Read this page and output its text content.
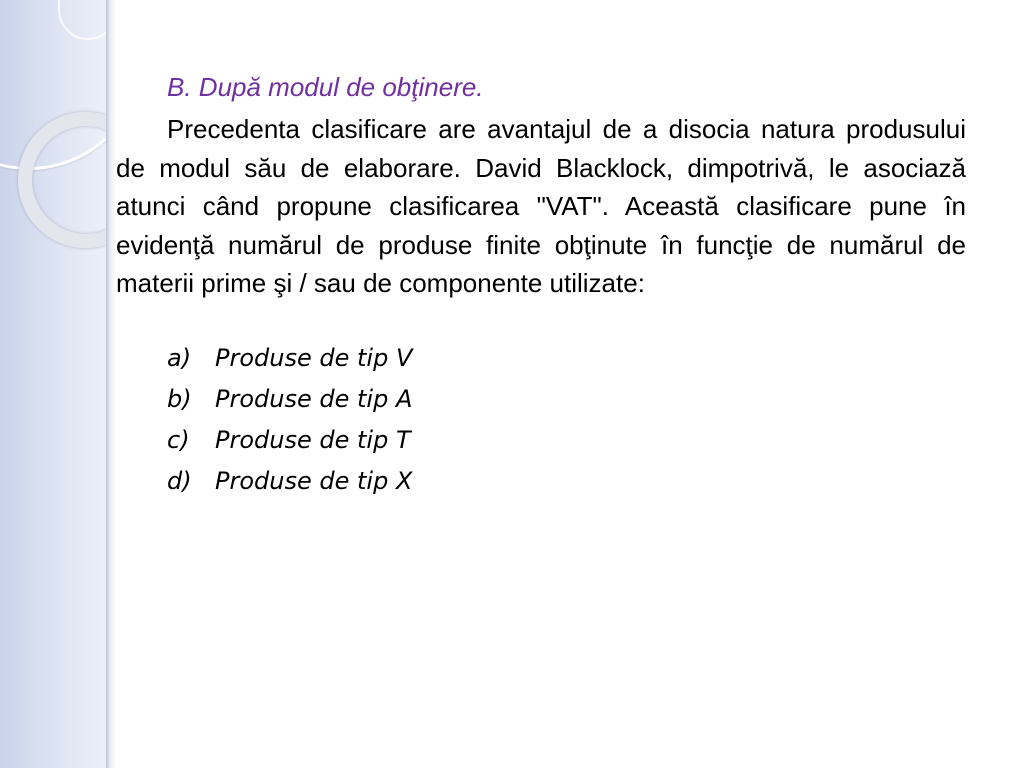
B. După modul de obţinere.

Precedenta clasificare are avantajul de a disocia natura produsului de modul său de elaborare. David Blacklock, dimpotrivă, le asociază atunci când propune clasificarea "VAT". Această clasificare pune în evidenţă numărul de produse finite obţinute în funcţie de numărul de materii prime şi / sau de componente utilizate:

a) Produse de tip V
b) Produse de tip A
c) Produse de tip T
d) Produse de tip X
